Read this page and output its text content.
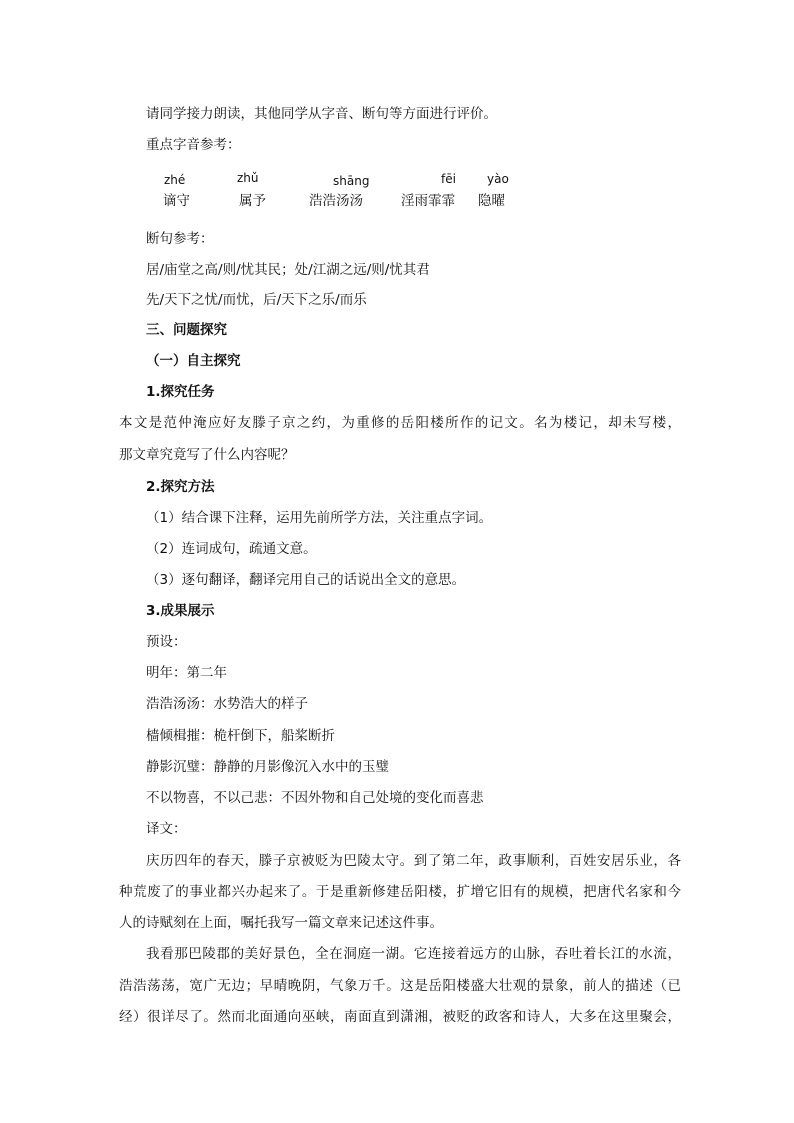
请同学接力朗读，其他同学从字音、断句等方面进行评价。
重点字音参考：
zhé
谪守
zhǔ
属予
shāng
浩浩汤汤
fēi
淫雨霏霏
yào
隐曜
断句参考：
居/庙堂之高/则/忧其民；处/江湖之远/则/忧其君
先/天下之忧/而忧，后/天下之乐/而乐
三、问题探究
（一）自主探究
1.探究任务
本文是范仲淹应好友滕子京之约，为重修的岳阳楼所作的记文。名为楼记，却未写楼，
那文章究竟写了什么内容呢？
2.探究方法
（1）结合课下注释，运用先前所学方法，关注重点字词。
（2）连词成句，疏通文意。
（3）逐句翻译，翻译完用自己的话说出全文的意思。
3.成果展示
预设：
明年：第二年
浩浩汤汤：水势浩大的样子
樯倾楫摧：桅杆倒下，船桨断折
静影沉璧：静静的月影像沉入水中的玉璧
不以物喜，不以己悲：不因外物和自己处境的变化而喜悲
译文：
庆历四年的春天，滕子京被贬为巴陵太守。到了第二年，政事顺利，百姓安居乐业，各
种荒废了的事业都兴办起来了。于是重新修建岳阳楼，扩增它旧有的规模，把唐代名家和今
人的诗赋刻在上面，嘱托我写一篇文章来记述这件事。
我看那巴陵郡的美好景色，全在洞庭一湖。它连接着远方的山脉，吞吐着长江的水流，
浩浩荡荡，宽广无边；早晴晚阴，气象万千。这是岳阳楼盛大壮观的景象，前人的描述（已
经）很详尽了。然而北面通向巫峡，南面直到潇湘，被贬的政客和诗人，大多在这里聚会，
